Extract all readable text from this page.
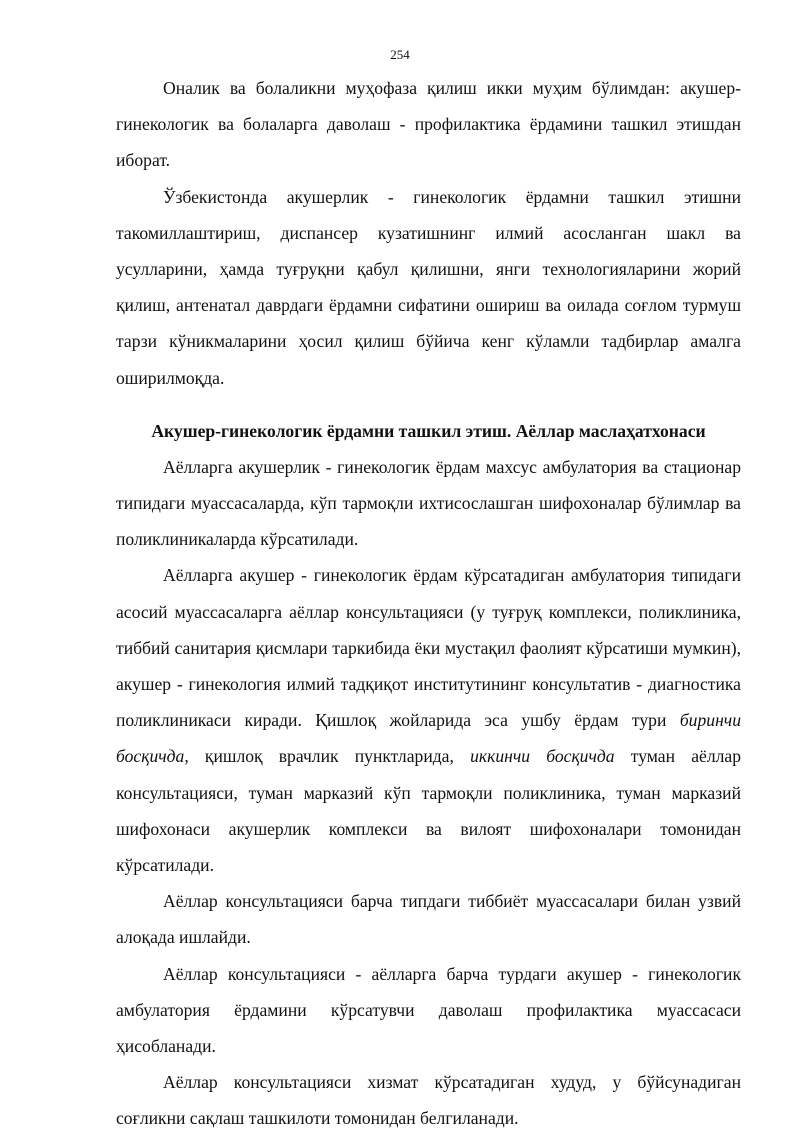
254

Оналик ва болаликни муҳофаза қилиш икки муҳим бўлимдан: акушер-гинекологик ва болаларга даволаш - профилактика ёрдамини ташкил этишдан иборат.

Ўзбекистонда акушерлик - гинекологик ёрдамни ташкил этишни такомиллаштириш, диспансер кузатишнинг илмий асосланган шакл ва усулларини, ҳамда туғруқни қабул қилишни, янги технологияларини жорий қилиш, антенатал даврдаги ёрдамни сифатини ошириш ва оилада соғлом турмуш тарзи кўникмаларини ҳосил қилиш бўйича кенг кўламли тадбирлар амалга оширилмоқда.

Акушер-гинекологик ёрдамни ташкил этиш. Аёллар маслаҳатхонаси

Аёлларга акушерлик - гинекологик ёрдам махсус амбулатория ва стационар типидаги муассасаларда, кўп тармоқли ихтисослашган шифохоналар бўлимлар ва поликлиникаларда кўрсатилади.

Аёлларга акушер - гинекологик ёрдам кўрсатадиган амбулатория типидаги асосий муассасаларга аёллар консультацияси (у туғруқ комплекси, поликлиника, тиббий санитария қисмлари таркибида ёки мустақил фаолият кўрсатиши мумкин), акушер - гинекология илмий тадқиқот институтининг консультатив - диагностика поликлиникаси киради. Қишлоқ жойларида эса ушбу ёрдам тури биринчи босқичда, қишлоқ врачлик пунктларида, иккинчи босқичда туман аёллар консультацияси, туман марказий кўп тармоқли поликлиника, туман марказий шифохонаси акушерлик комплекси ва вилоят шифохоналари томонидан кўрсатилади.

Аёллар консультацияси барча типдаги тиббиёт муассасалари билан узвий алоқада ишлайди.

Аёллар консультацияси - аёлларга барча турдаги акушер - гинекологик амбулатория ёрдамини кўрсатувчи даволаш профилактика муассасаси ҳисобланади.

Аёллар консультацияси хизмат кўрсатадиган худуд, у бўйсунадиган соғликни сақлаш ташкилоти томонидан белгиланади.
